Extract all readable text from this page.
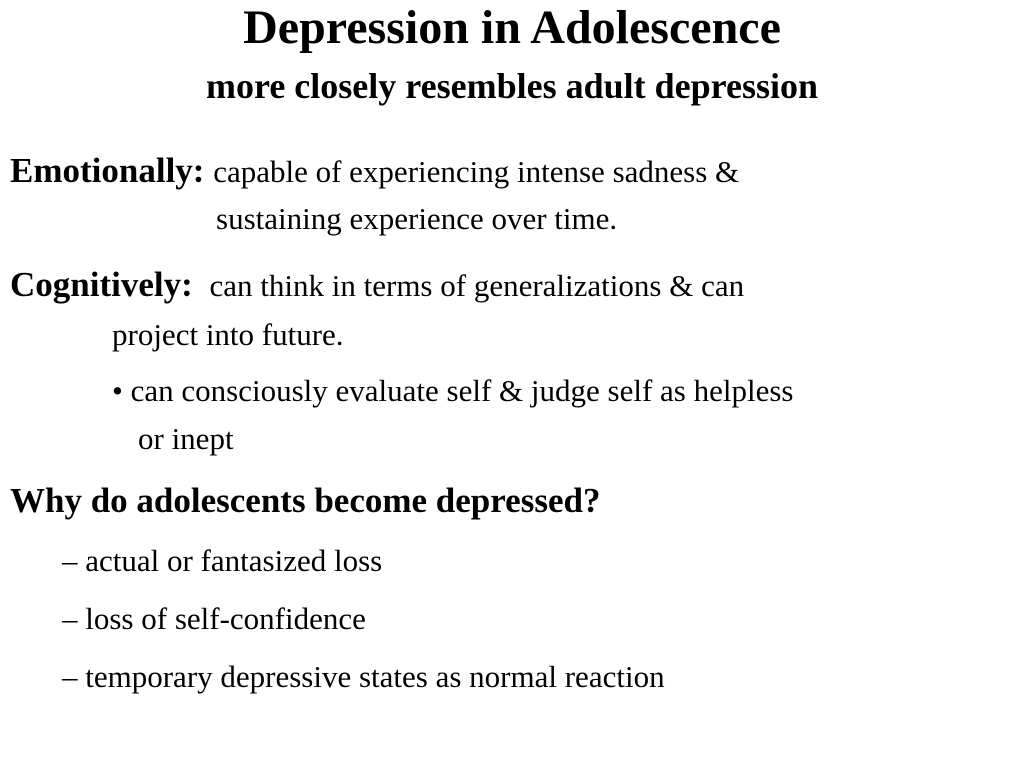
Depression in Adolescence
more closely resembles adult depression
Emotionally: capable of experiencing intense sadness &
sustaining experience over time.
Cognitively: can think in terms of generalizations & can
project into future.
• can consciously evaluate self & judge self as helpless
or inept
Why do adolescents become depressed?
– actual or fantasized loss
– loss of self-confidence
– temporary depressive states as normal reaction
